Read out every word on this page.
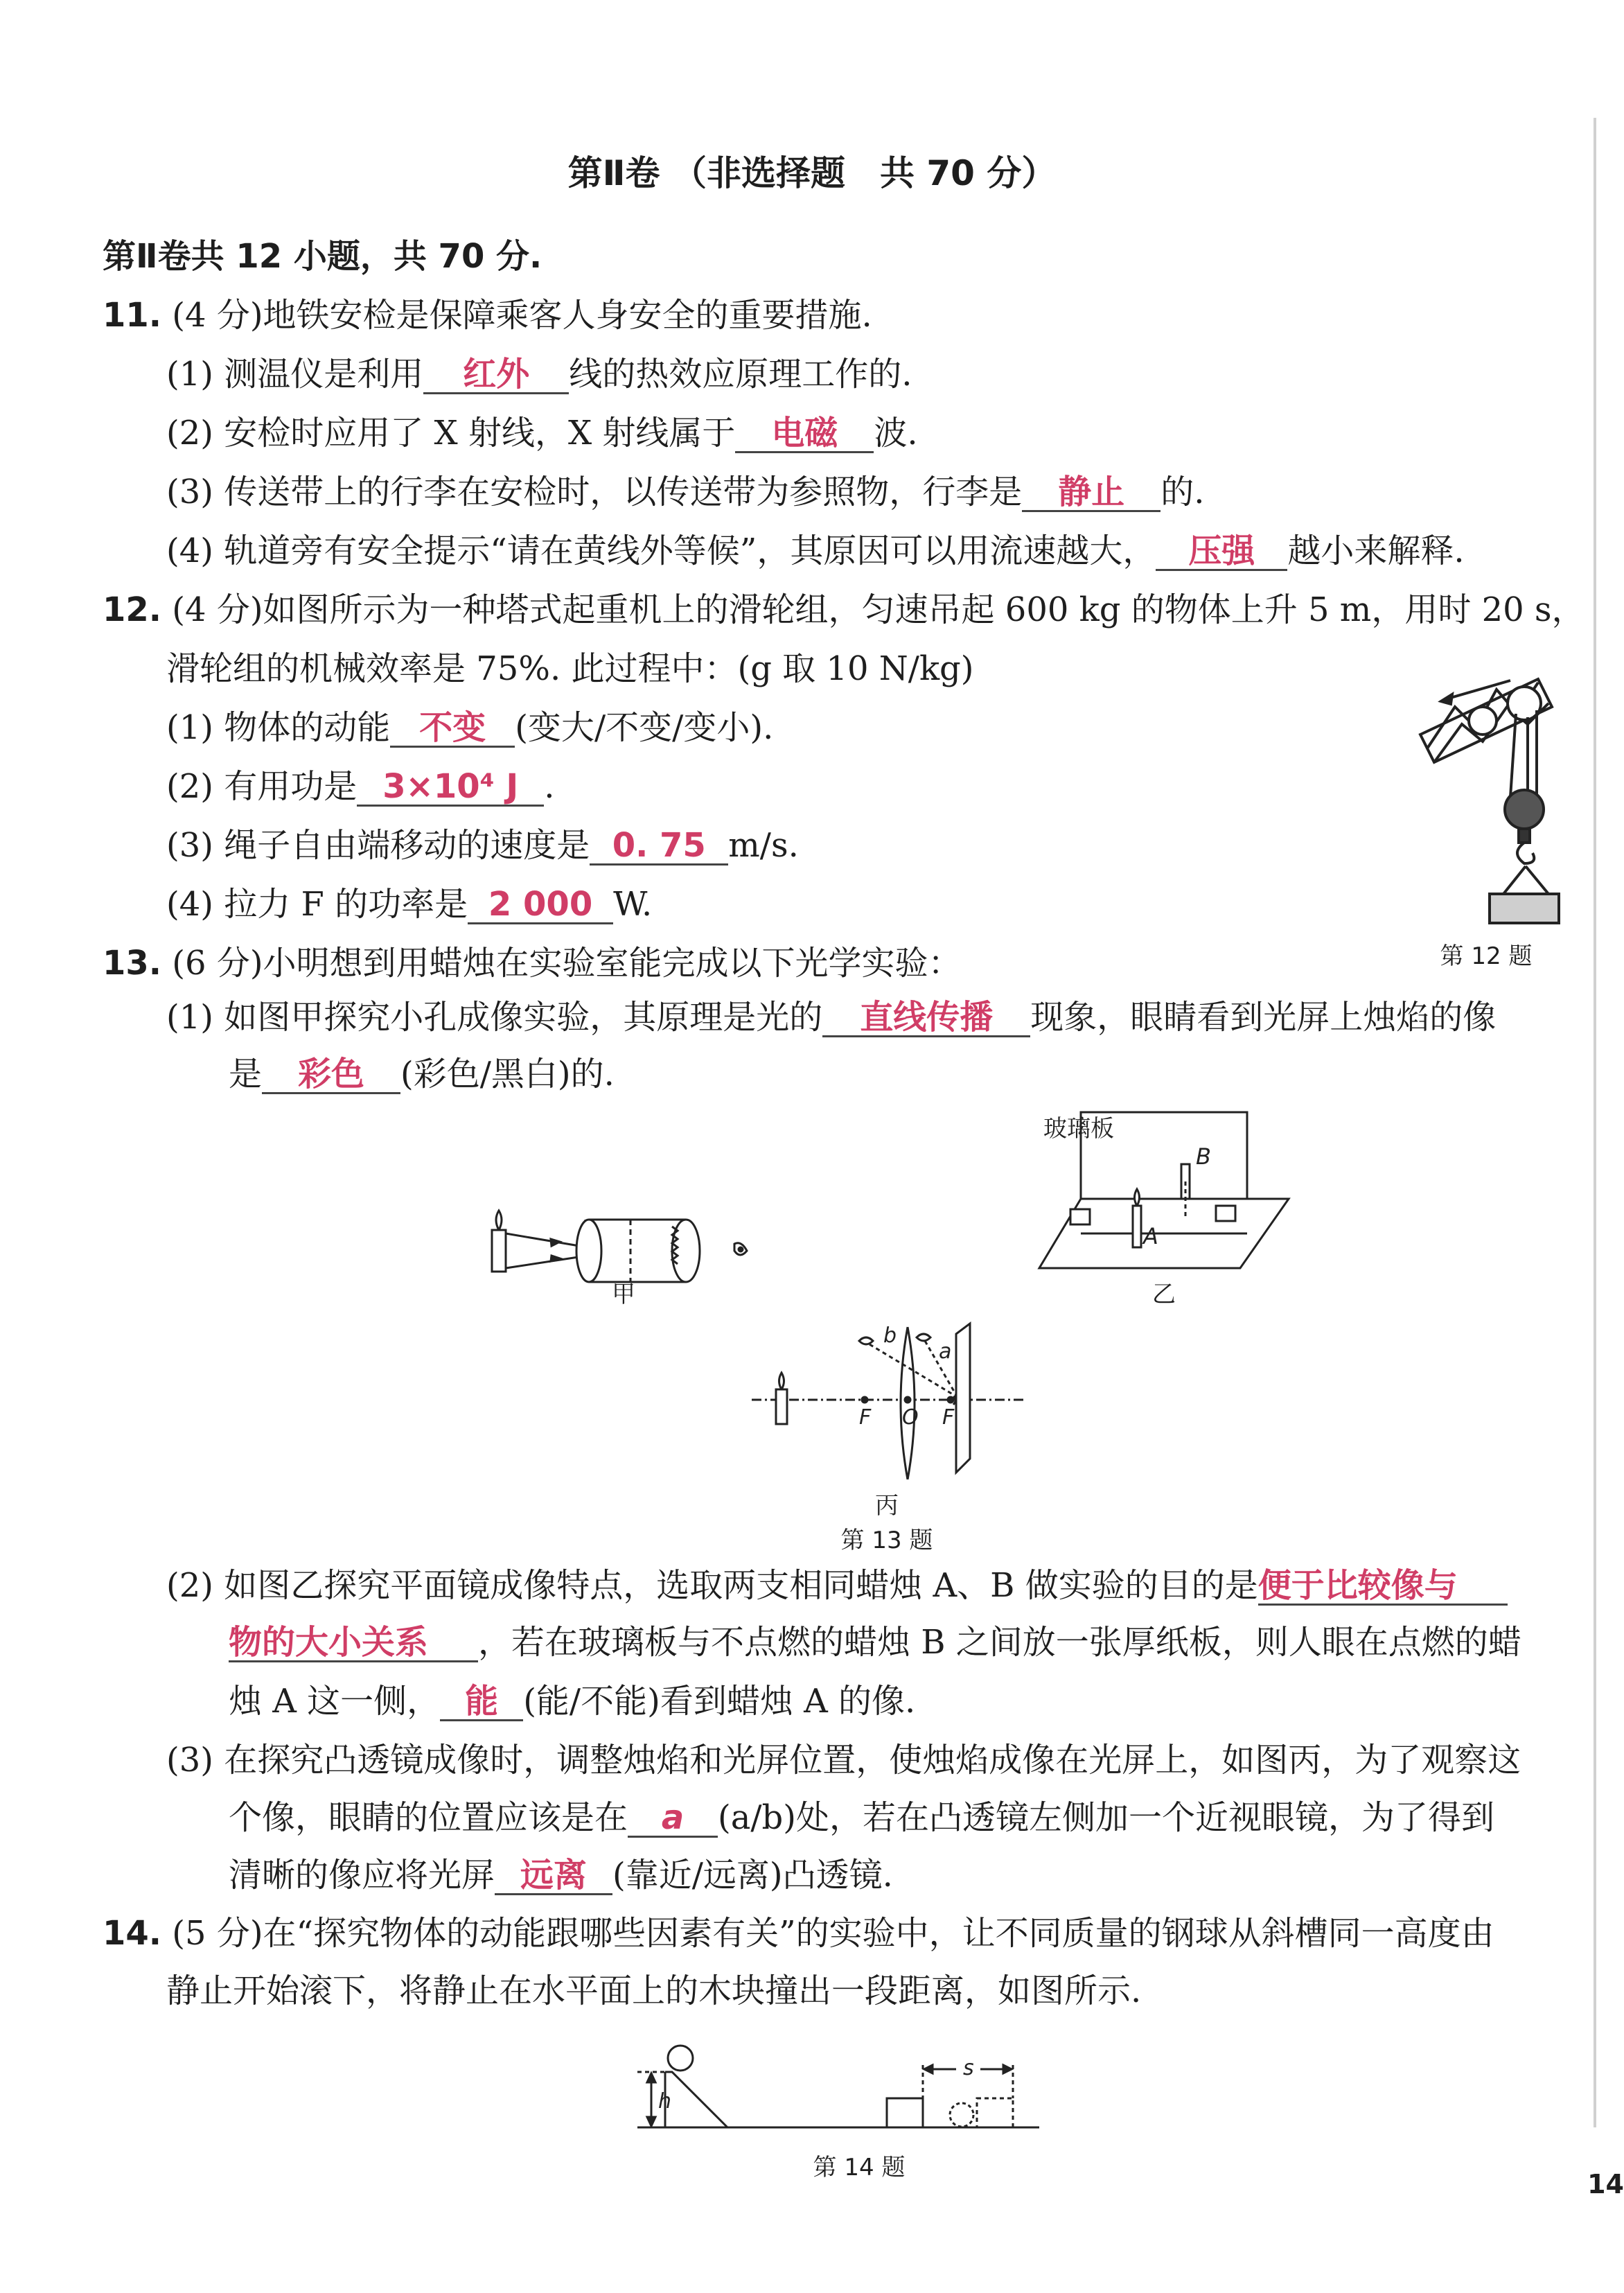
第Ⅱ卷 （非选择题　共 70 分）
第Ⅱ卷共 12 小题，共 70 分.
11. (4 分)地铁安检是保障乘客人身安全的重要措施.
(1) 测温仪是利用 红外 线的热效应原理工作的.
(2) 安检时应用了 X 射线，X 射线属于 电磁 波.
(3) 传送带上的行李在安检时，以传送带为参照物，行李是 静止 的.
(4) 轨道旁有安全提示“请在黄线外等候”，其原因可以用流速越大， 压强 越小来解释.
12. (4 分)如图所示为一种塔式起重机上的滑轮组，匀速吊起 600 kg 的物体上升 5 m，用时 20 s，
滑轮组的机械效率是 75%. 此过程中：(g 取 10 N/kg)
(1) 物体的动能 不变 (变大/不变/变小).
(2) 有用功是 3×10⁴ J .
(3) 绳子自由端移动的速度是 0. 75 m/s.
(4) 拉力 F 的功率是 2 000 W.
第 12 题
13. (6 分)小明想到用蜡烛在实验室能完成以下光学实验：
(1) 如图甲探究小孔成像实验，其原理是光的 直线传播 现象，眼睛看到光屏上烛焰的像
是 彩色 (彩色/黑白)的.
甲
玻璃板
B
A
乙
b
a
F O F
丙
第 13 题
(2) 如图乙探究平面镜成像特点，选取两支相同蜡烛 A、B 做实验的目的是便于比较像与
物的大小关系 ，若在玻璃板与不点燃的蜡烛 B 之间放一张厚纸板，则人眼在点燃的蜡
烛 A 这一侧， 能 (能/不能)看到蜡烛 A 的像.
(3) 在探究凸透镜成像时，调整烛焰和光屏位置，使烛焰成像在光屏上，如图丙，为了观察这
个像，眼睛的位置应该是在 a (a/b)处，若在凸透镜左侧加一个近视眼镜，为了得到
清晰的像应将光屏 远离 (靠近/远离)凸透镜.
14. (5 分)在“探究物体的动能跟哪些因素有关”的实验中，让不同质量的钢球从斜槽同一高度由
静止开始滚下，将静止在水平面上的木块撞出一段距离，如图所示.
h
s
第 14 题
14
